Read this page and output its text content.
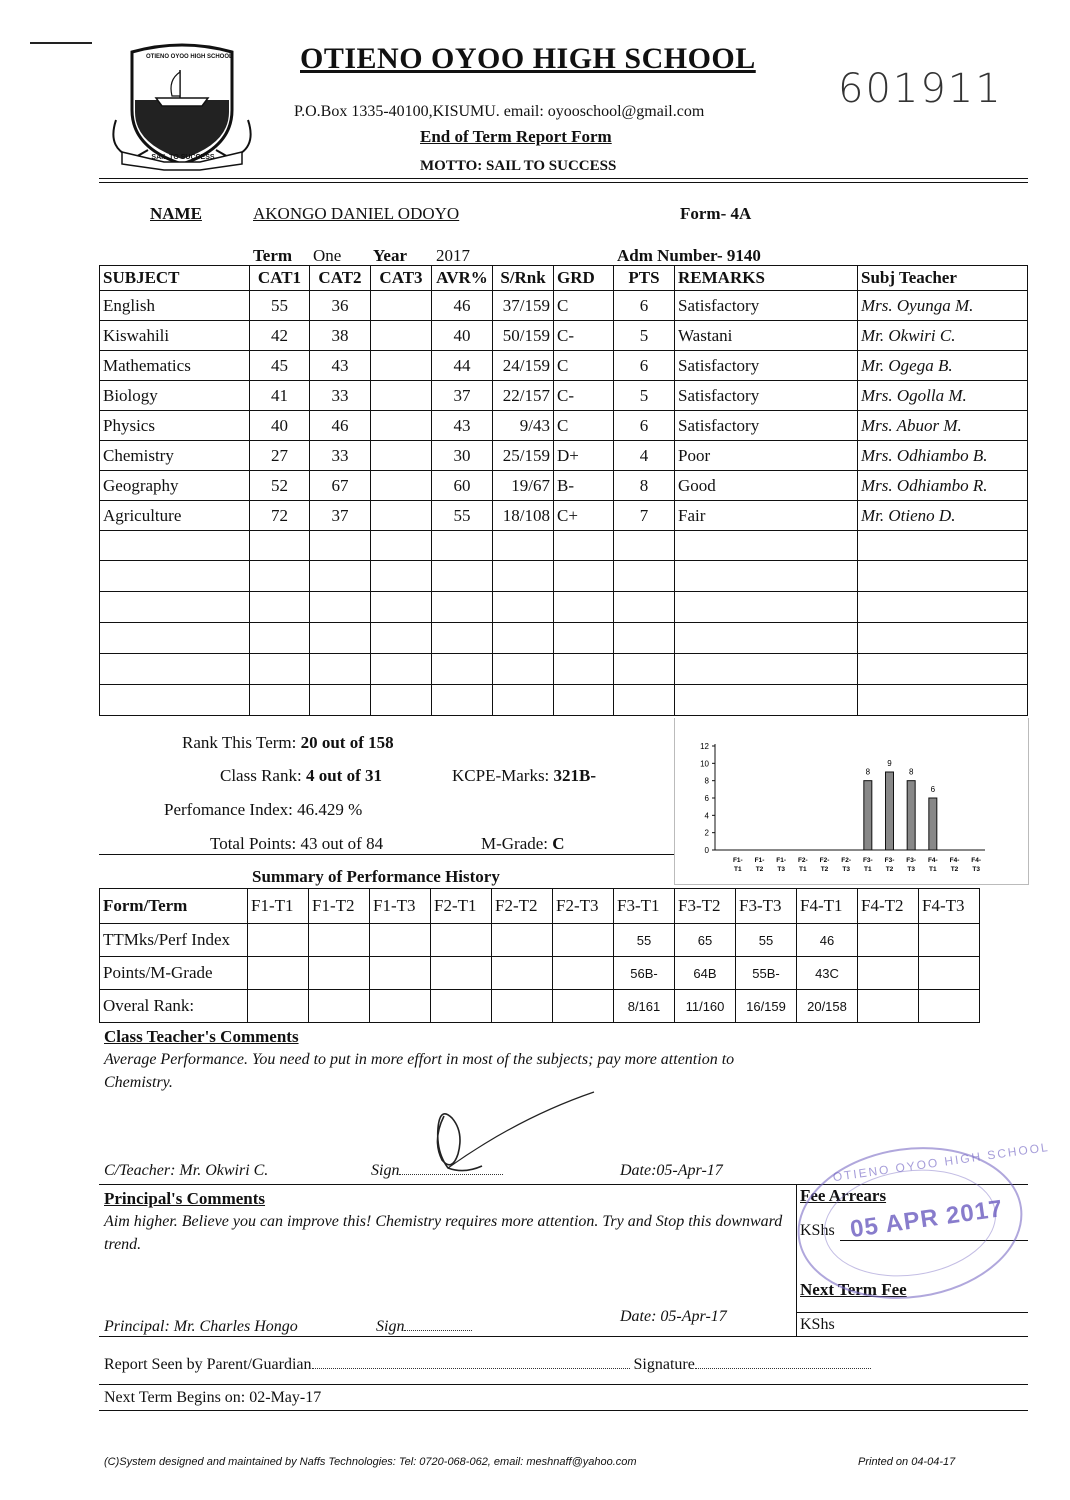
OTIENO OYOO HIGH SCHOOL
SAIL TO SUCCESS
OTIENO OYOO HIGH SCHOOL
601911
P.O.Box 1335-40100,KISUMU. email: oyooschool@gmail.com
End of Term Report Form
MOTTO: SAIL TO SUCCESS
NAME	AKONGO DANIEL ODOYO	Form- 4A
Term One Year 2017	Adm Number- 9140
SUBJECT	CAT1	CAT2	CAT3	AVR%	S/Rnk	GRD	PTS	REMARKS	Subj Teacher
English	55	36		46	37/159	C	6	Satisfactory	Mrs. Oyunga M.
Kiswahili	42	38		40	50/159	C-	5	Wastani	Mr. Okwiri C.
Mathematics	45	43		44	24/159	C	6	Satisfactory	Mr. Ogega B.
Biology	41	33		37	22/157	C-	5	Satisfactory	Mrs. Ogolla M.
Physics	40	46		43	9/43	C	6	Satisfactory	Mrs. Abuor M.
Chemistry	27	33		30	25/159	D+	4	Poor	Mrs. Odhiambo B.
Geography	52	67		60	19/67	B-	8	Good	Mrs. Odhiambo R.
Agriculture	72	37		55	18/108	C+	7	Fair	Mr. Otieno D.

Rank This Term: 20 out of 158
Class Rank: 4 out of 31	KCPE-Marks: 321B-
Perfomance Index: 46.429 %
Total Points: 43 out of 84	M-Grade: C	0
2
4
6
8
10
12
F1-
T1
F1-
T2
F1-
T3
F2-
T1
F2-
T2
F2-
T3
F3-
T1
8
F3-
T2
9
F3-
T3
8
F4-
T1
6
F4-
T2
F4-
T3
Summary of Performance History
Form/Term	F1-T1	F1-T2	F1-T3	F2-T1	F2-T2	F2-T3	F3-T1	F3-T2	F3-T3	F4-T1	F4-T2	F4-T3
TTMks/Perf Index							55	65	55	46		
Points/M-Grade							56B-	64B	55B-	43C		
Overal Rank:							8/161	11/160	16/159	20/158		
Class Teacher's Comments
Average Performance. You need to put in more effort in most of the subjects; pay more attention to Chemistry.
C/Teacher: Mr. Okwiri C.	Sign	Date:05-Apr-17
Principal's Comments
Aim higher. Believe you can improve this! Chemistry requires more attention. Try and Stop this downward trend.
Principal: Mr. Charles Hongo	Sign
Date: 05-Apr-17
Fee Arrears
KShs
Next Term Fee
KShs
05 APR 2017
OTIENO OYOO HIGH SCHOOL
Report Seen by Parent/Guardian	Signature
Next Term Begins on: 02-May-17
(C)System designed and maintained by Naffs Technologies: Tel: 0720-068-062, email: meshnaff@yahoo.com	Printed on 04-04-17
